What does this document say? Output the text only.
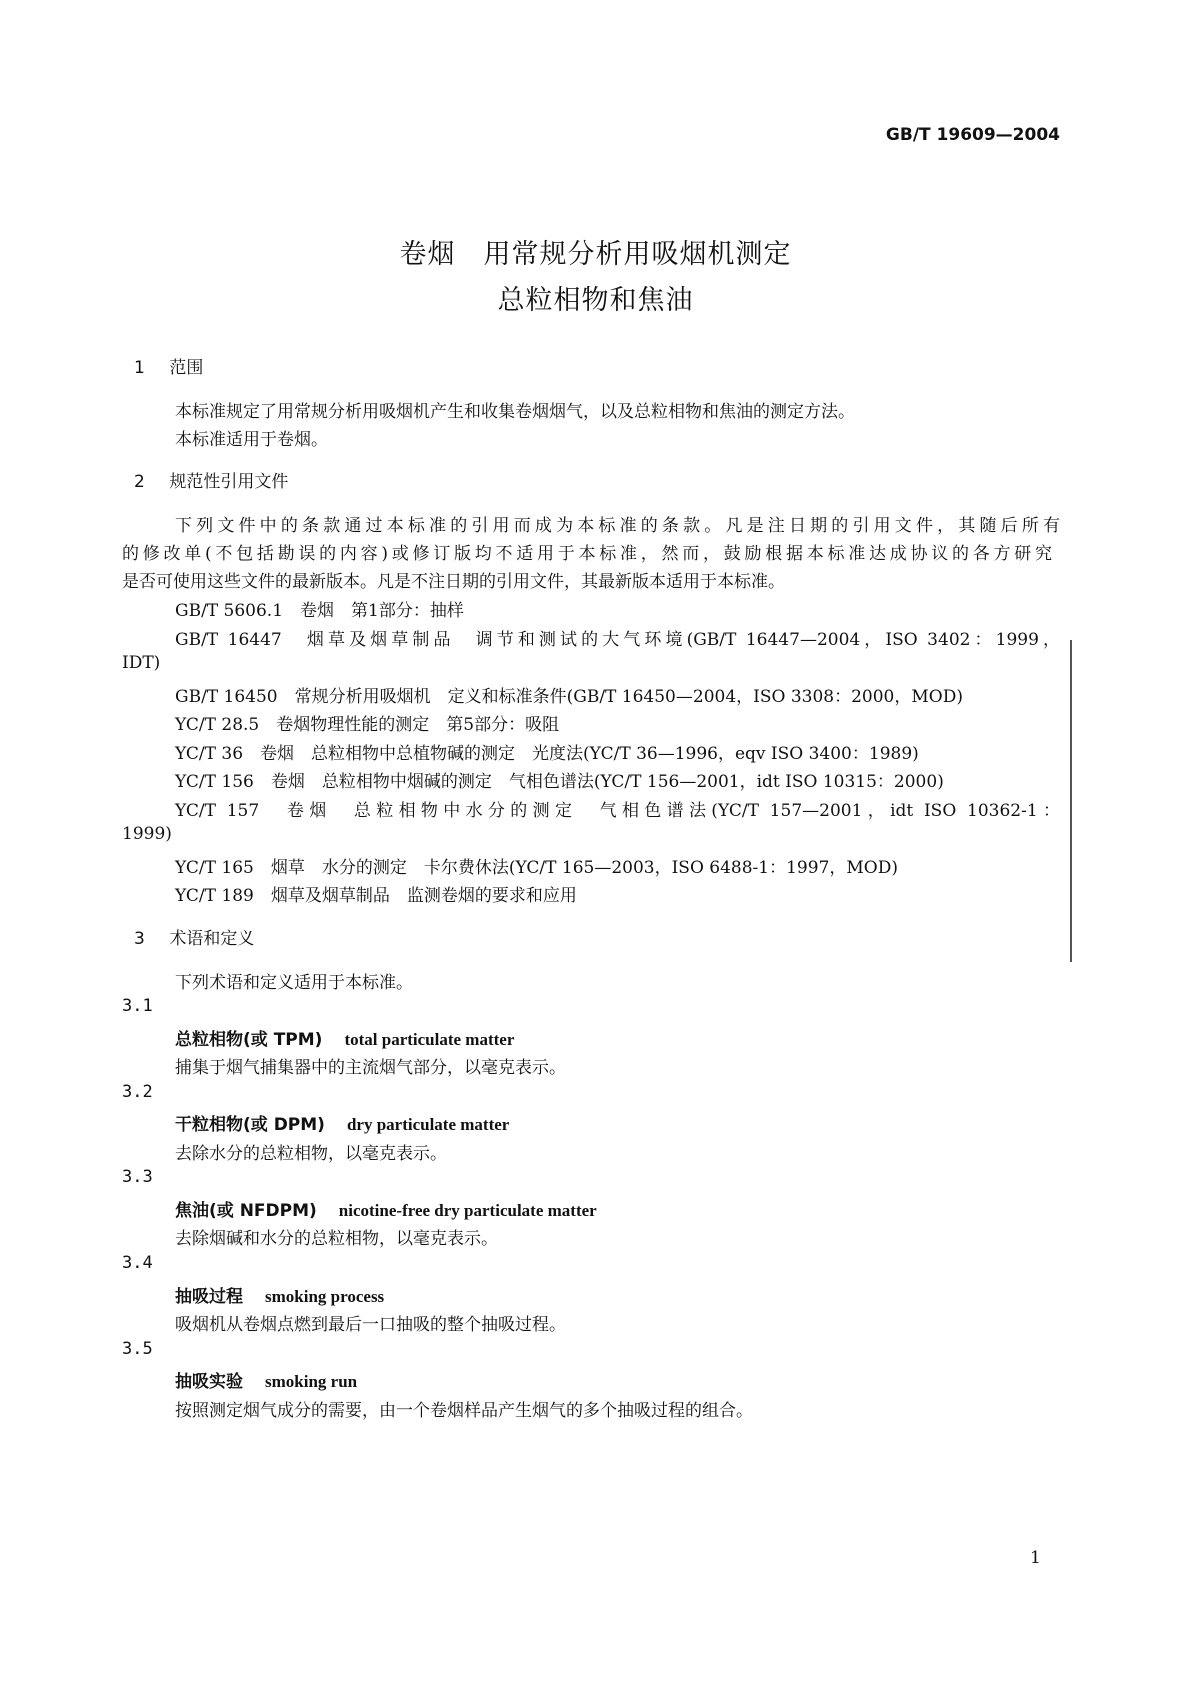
GB/T 19609—2004
卷烟　用常规分析用吸烟机测定
总粒相物和焦油
1 范围
本标准规定了用常规分析用吸烟机产生和收集卷烟烟气，以及总粒相物和焦油的测定方法。
本标准适用于卷烟。
2 规范性引用文件
下列文件中的条款通过本标准的引用而成为本标准的条款。凡是注日期的引用文件，其随后所有
的修改单(不包括勘误的内容)或修订版均不适用于本标准，然而，鼓励根据本标准达成协议的各方研究
是否可使用这些文件的最新版本。凡是不注日期的引用文件，其最新版本适用于本标准。
GB/T 5606.1　卷烟　第1部分：抽样
GB/T 16447　烟草及烟草制品　调节和测试的大气环境(GB/T 16447—2004，ISO 3402：1999，
IDT)
GB/T 16450　常规分析用吸烟机　定义和标准条件(GB/T 16450—2004，ISO 3308：2000，MOD)
YC/T 28.5　卷烟物理性能的测定　第5部分：吸阻
YC/T 36　卷烟　总粒相物中总植物碱的测定　光度法(YC/T 36—1996，eqv ISO 3400：1989)
YC/T 156　卷烟　总粒相物中烟碱的测定　气相色谱法(YC/T 156—2001，idt ISO 10315：2000)
YC/T 157　卷烟　总粒相物中水分的测定　气相色谱法(YC/T 157—2001，idt ISO 10362-1：
1999)
YC/T 165　烟草　水分的测定　卡尔费休法(YC/T 165—2003，ISO 6488-1：1997，MOD)
YC/T 189　烟草及烟草制品　监测卷烟的要求和应用
3 术语和定义
下列术语和定义适用于本标准。
3.1
总粒相物(或 TPM) total particulate matter
捕集于烟气捕集器中的主流烟气部分，以毫克表示。
3.2
干粒相物(或 DPM) dry particulate matter
去除水分的总粒相物，以毫克表示。
3.3
焦油(或 NFDPM) nicotine-free dry particulate matter
去除烟碱和水分的总粒相物，以毫克表示。
3.4
抽吸过程 smoking process
吸烟机从卷烟点燃到最后一口抽吸的整个抽吸过程。
3.5
抽吸实验 smoking run
按照测定烟气成分的需要，由一个卷烟样品产生烟气的多个抽吸过程的组合。
1
